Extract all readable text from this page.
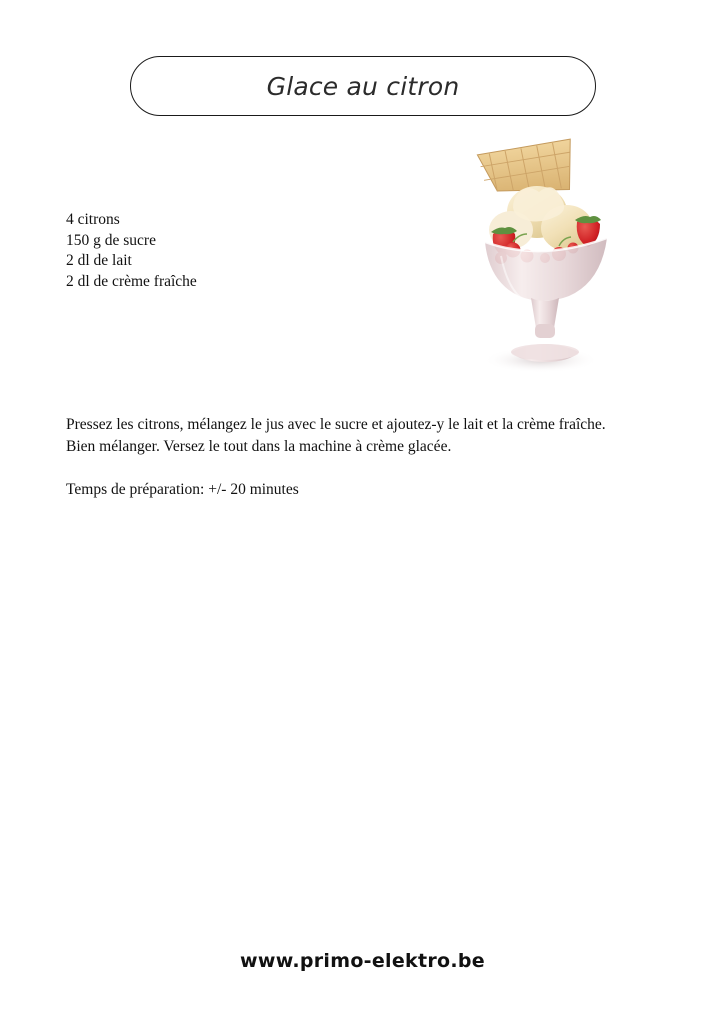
Glace au citron
4 citrons
150 g de sucre
2 dl de lait
2 dl de crème fraîche
Pressez les citrons, mélangez le jus avec le sucre et ajoutez-y le lait et la crème fraîche. Bien mélanger. Versez le tout dans la machine à crème glacée.
Temps de préparation: +/- 20 minutes
www.primo-elektro.be
